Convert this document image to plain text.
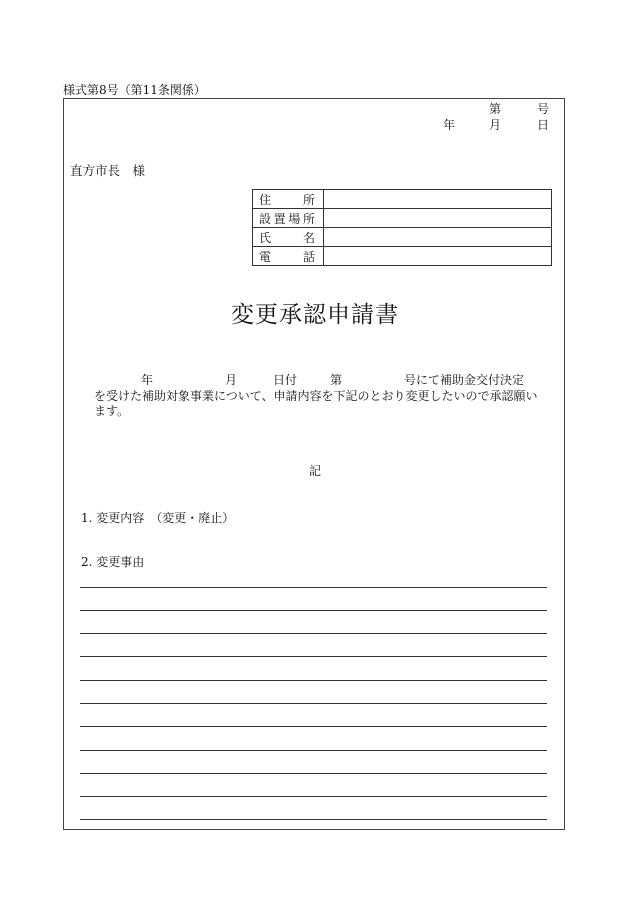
様式第8号（第11条関係）
第	号
年	月	日
直方市長　様
住 所	

設 置 場 所	

氏 名	

電 話	

変更承認申請書
年	月	日付	第	号にて補助金交付決定
を受けた補助対象事業について、申請内容を下記のとおり変更したいので承認願い
ます。
記
1. 変更内容　（変更・廃止）
2. 変更事由
